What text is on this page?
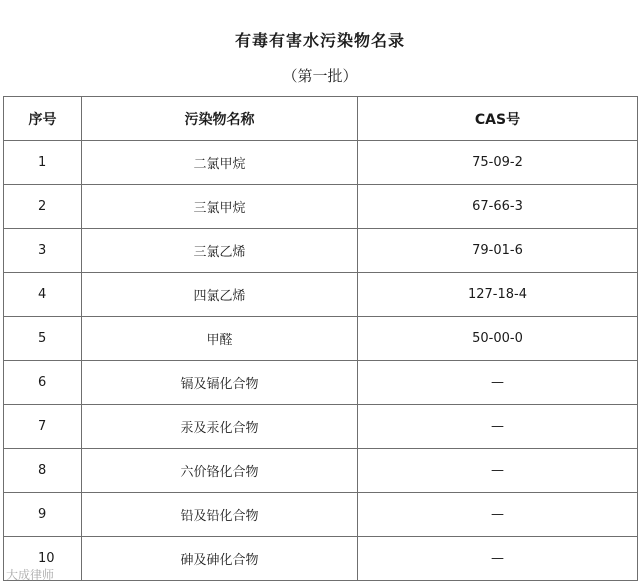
有毒有害水污染物名录
（第一批）
序号	污染物名称	CAS号
1	二氯甲烷	75-09-2
2	三氯甲烷	67-66-3
3	三氯乙烯	79-01-6
4	四氯乙烯	127-18-4
5	甲醛	50-00-0
6	镉及镉化合物	—
7	汞及汞化合物	—
8	六价铬化合物	—
9	铅及铅化合物	—
10	砷及砷化合物	—
大成律师
